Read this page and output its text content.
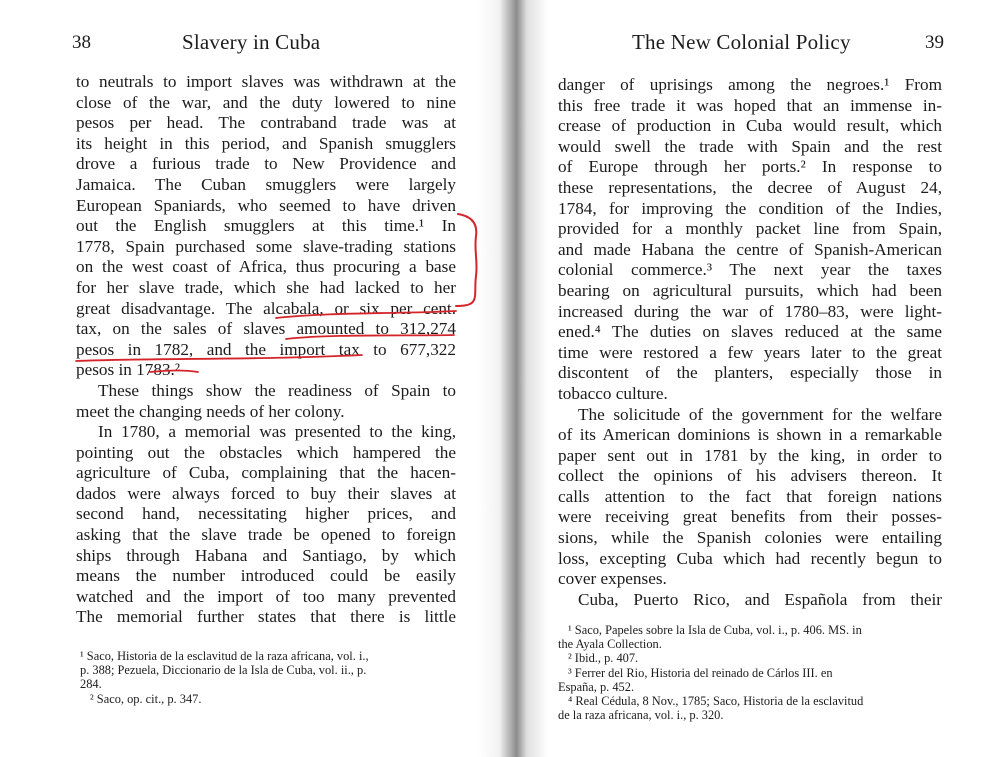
38	Slavery in Cuba
to neutrals to import slaves was withdrawn at the
close of the war, and the duty lowered to nine
pesos per head. The contraband trade was at
its height in this period, and Spanish smugglers
drove a furious trade to New Providence and
Jamaica. The Cuban smugglers were largely
European Spaniards, who seemed to have driven
out the English smugglers at this time.¹ In
1778, Spain purchased some slave-trading stations
on the west coast of Africa, thus procuring a base
for her slave trade, which she had lacked to her
great disadvantage. The alcabala, or six per cent.
tax, on the sales of slaves amounted to 312,274
pesos in 1782, and the import tax to 677,322
pesos in 1783.²
These things show the readiness of Spain to
meet the changing needs of her colony.
In 1780, a memorial was presented to the king,
pointing out the obstacles which hampered the
agriculture of Cuba, complaining that the hacen-
dados were always forced to buy their slaves at
second hand, necessitating higher prices, and
asking that the slave trade be opened to foreign
ships through Habana and Santiago, by which
means the number introduced could be easily
watched and the import of too many prevented
The memorial further states that there is little
¹ Saco, Historia de la esclavitud de la raza africana, vol. i.,
p. 388; Pezuela, Diccionario de la Isla de Cuba, vol. ii., p.
284.
² Saco, op. cit., p. 347.
The New Colonial Policy	39
danger of uprisings among the negroes.¹ From
this free trade it was hoped that an immense in-
crease of production in Cuba would result, which
would swell the trade with Spain and the rest
of Europe through her ports.² In response to
these representations, the decree of August 24,
1784, for improving the condition of the Indies,
provided for a monthly packet line from Spain,
and made Habana the centre of Spanish-American
colonial commerce.³ The next year the taxes
bearing on agricultural pursuits, which had been
increased during the war of 1780–83, were light-
ened.⁴ The duties on slaves reduced at the same
time were restored a few years later to the great
discontent of the planters, especially those in
tobacco culture.
The solicitude of the government for the welfare
of its American dominions is shown in a remarkable
paper sent out in 1781 by the king, in order to
collect the opinions of his advisers thereon. It
calls attention to the fact that foreign nations
were receiving great benefits from their posses-
sions, while the Spanish colonies were entailing
loss, excepting Cuba which had recently begun to
cover expenses.
Cuba, Puerto Rico, and Española from their
¹ Saco, Papeles sobre la Isla de Cuba, vol. i., p. 406. MS. in
the Ayala Collection.
² Ibid., p. 407.
³ Ferrer del Rio, Historia del reinado de Cárlos III. en
España, p. 452.
⁴ Real Cédula, 8 Nov., 1785; Saco, Historia de la esclavitud
de la raza africana, vol. i., p. 320.
